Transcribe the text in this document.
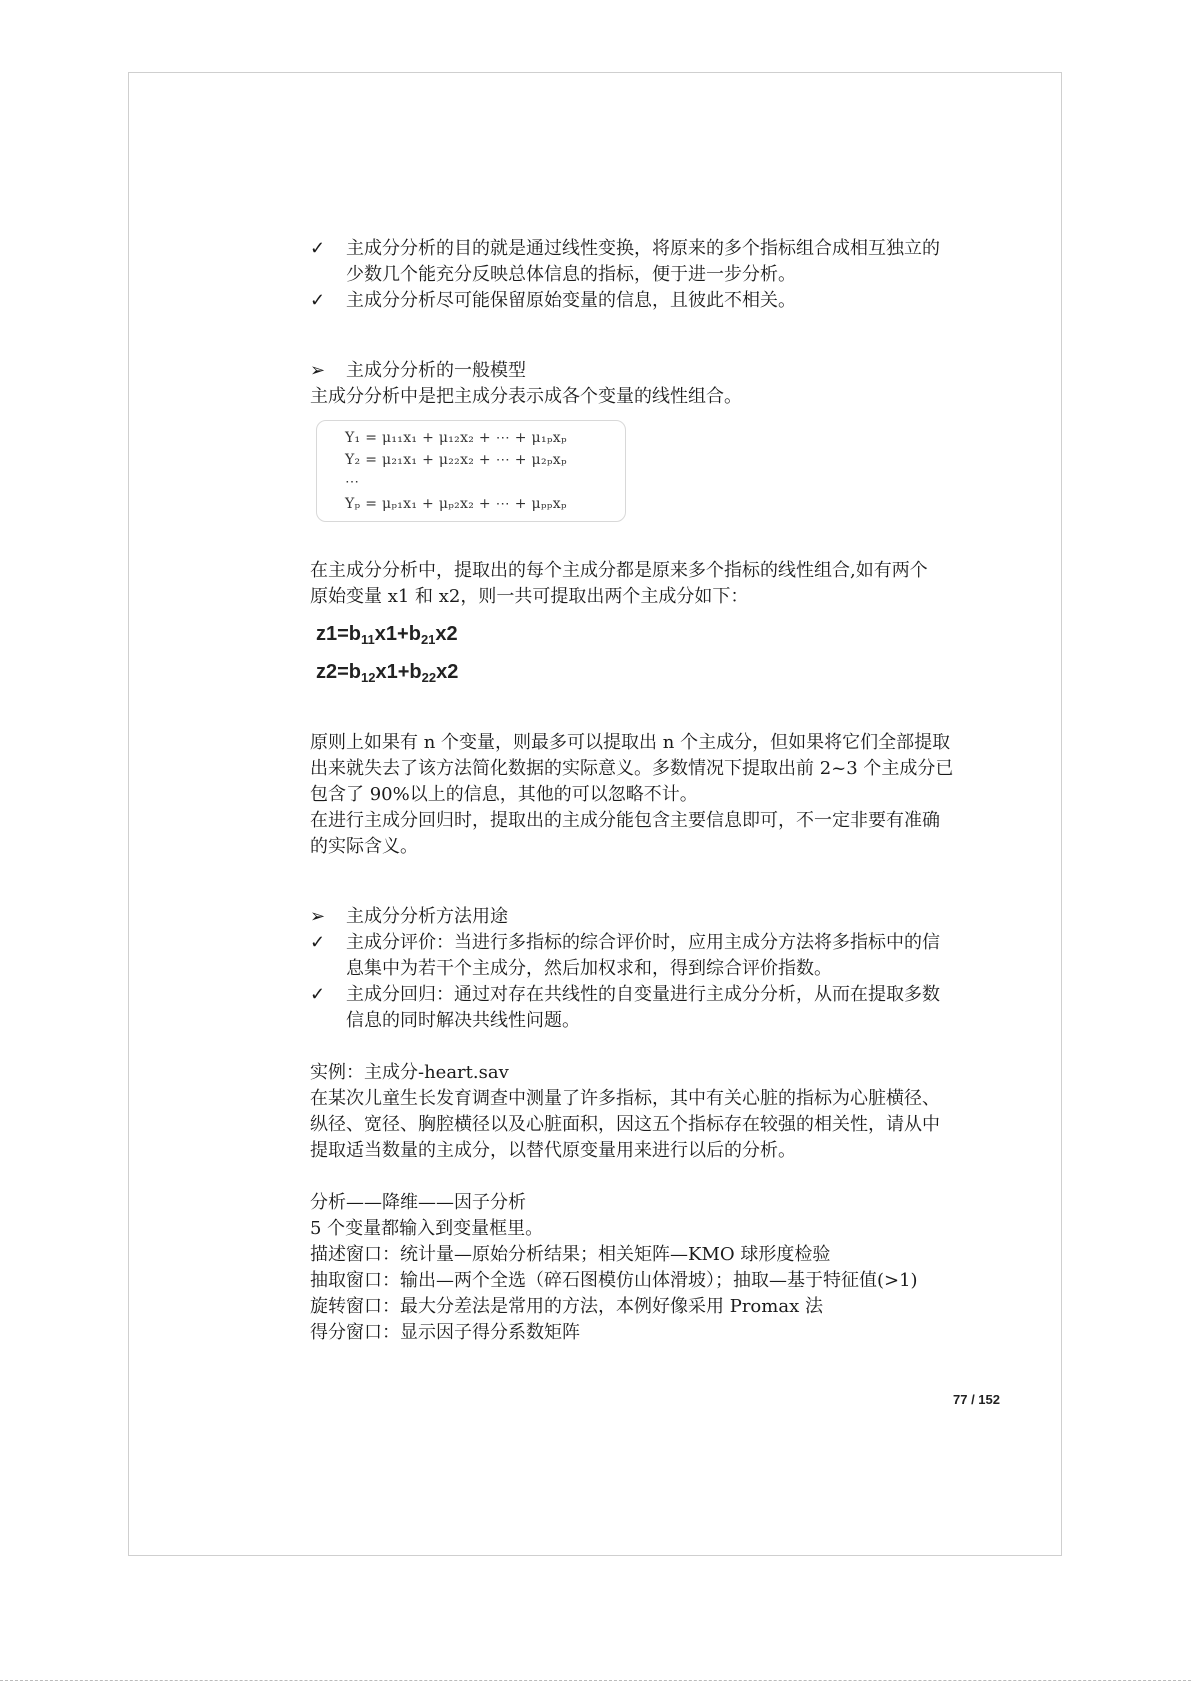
✓	主成分分析的目的就是通过线性变换，将原来的多个指标组合成相互独立的
少数几个能充分反映总体信息的指标，便于进一步分析。
✓	主成分分析尽可能保留原始变量的信息，且彼此不相关。
➢	主成分分析的一般模型
主成分分析中是把主成分表示成各个变量的线性组合。
Y₁ = μ₁₁x₁ + μ₁₂x₂ + ⋯ + μ₁ₚxₚ
Y₂ = μ₂₁x₁ + μ₂₂x₂ + ⋯ + μ₂ₚxₚ
⋯
Yₚ = μₚ₁x₁ + μₚ₂x₂ + ⋯ + μₚₚxₚ
在主成分分析中，提取出的每个主成分都是原来多个指标的线性组合,如有两个
原始变量 x1 和 x2，则一共可提取出两个主成分如下：
$z1=b_{11}x1+b_{21}x2$
$z2=b_{12}x1+b_{22}x2$
原则上如果有 n 个变量，则最多可以提取出 n 个主成分，但如果将它们全部提取
出来就失去了该方法简化数据的实际意义。多数情况下提取出前 2~3 个主成分已
包含了 90%以上的信息，其他的可以忽略不计。
在进行主成分回归时，提取出的主成分能包含主要信息即可，不一定非要有准确
的实际含义。
➢	主成分分析方法用途
✓	主成分评价：当进行多指标的综合评价时，应用主成分方法将多指标中的信
息集中为若干个主成分，然后加权求和，得到综合评价指数。
✓	主成分回归：通过对存在共线性的自变量进行主成分分析，从而在提取多数
信息的同时解决共线性问题。
实例：主成分-heart.sav
在某次儿童生长发育调查中测量了许多指标，其中有关心脏的指标为心脏横径、
纵径、宽径、胸腔横径以及心脏面积，因这五个指标存在较强的相关性，请从中
提取适当数量的主成分，以替代原变量用来进行以后的分析。
分析——降维——因子分析
5 个变量都输入到变量框里。
描述窗口：统计量—原始分析结果；相关矩阵—KMO 球形度检验
抽取窗口：输出—两个全选（碎石图模仿山体滑坡）；抽取—基于特征值(>1)
旋转窗口：最大分差法是常用的方法，本例好像采用 Promax 法
得分窗口：显示因子得分系数矩阵
77 / 152
